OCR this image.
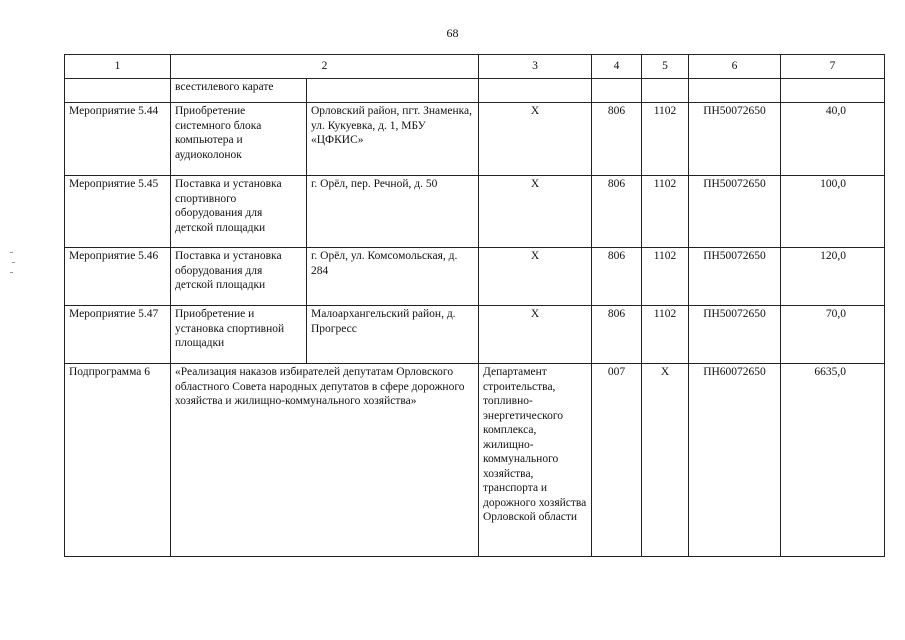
68
1	2		3	4	5	6	7
	всестилевого карате						
Мероприятие 5.44	Приобретение системного блока компьютера и аудиоколонок	Орловский район, пгт. Знаменка, ул. Кукуевка, д. 1, МБУ «ЦФКИС»	Х	806	1102	ПН50072650	40,0
Мероприятие 5.45	Поставка и установка спортивного оборудования для детской площадки	г. Орёл, пер. Речной, д. 50	Х	806	1102	ПН50072650	100,0
Мероприятие 5.46	Поставка и установка оборудования для детской площадки	г. Орёл, ул. Комсомольская, д. 284	Х	806	1102	ПН50072650	120,0
Мероприятие 5.47	Приобретение и установка спортивной площадки	Малоархангельский район, д. Прогресс	Х	806	1102	ПН50072650	70,0
Подпрограмма 6	«Реализация наказов избирателей депутатам Орловского областного Совета народных депутатов в сфере дорожного хозяйства и жилищно-коммунального хозяйства»		Департамент строительства, топливно-энергетического комплекса, жилищно-коммунального хозяйства, транспорта и дорожного хозяйства Орловской области	007	Х	ПН60072650	6635,0
